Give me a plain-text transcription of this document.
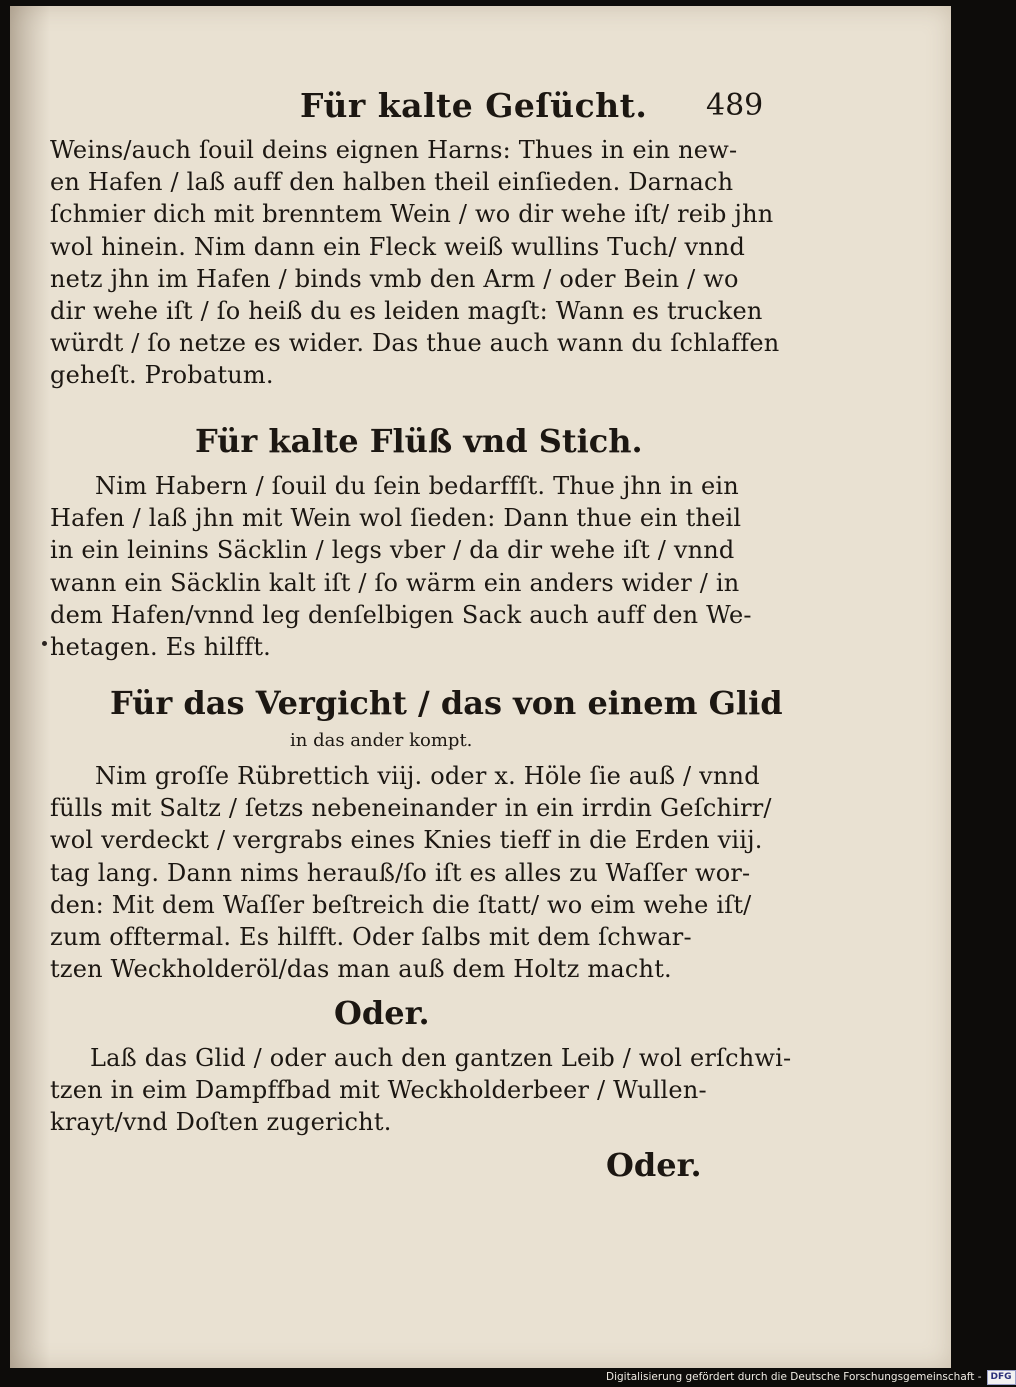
Für kalte Geſücht. 489
Weins/auch ſouil deins eignen Harns: Thues in ein new-
en Hafen / laß auff den halben theil einſieden. Darnach
ſchmier dich mit brenntem Wein / wo dir wehe iſt/ reib jhn
wol hinein. Nim dann ein Fleck weiß wullins Tuch/ vnnd
netz jhn im Hafen / binds vmb den Arm / oder Bein / wo
dir wehe iſt / ſo heiß du es leiden magſt: Wann es trucken
würdt / ſo netze es wider. Das thue auch wann du ſchlaffen
geheſt. Probatum.
Für kalte Flüß vnd Stich.
Nim Habern / ſouil du ſein bedarffſt. Thue jhn in ein
Hafen / laß jhn mit Wein wol ſieden: Dann thue ein theil
in ein leinins Säcklin / legs vber / da dir wehe iſt / vnnd
wann ein Säcklin kalt iſt / ſo wärm ein anders wider / in
dem Hafen/vnnd leg denſelbigen Sack auch auff den We-
hetagen. Es hilfft.
Für das Vergicht / das von einem Glid
in das ander kompt.
Nim groſſe Rübrettich viij. oder x. Höle ſie auß / vnnd
fülls mit Saltz / ſetzs nebeneinander in ein irrdin Geſchirr/
wol verdeckt / vergrabs eines Knies tieff in die Erden viij.
tag lang. Dann nims herauß/ſo iſt es alles zu Waſſer wor-
den: Mit dem Waſſer beſtreich die ſtatt/ wo eim wehe iſt/
zum offtermal. Es hilfft. Oder ſalbs mit dem ſchwar-
tzen Weckholderöl/das man auß dem Holtz macht.
Oder.
Laß das Glid / oder auch den gantzen Leib / wol erſchwi-
tzen in eim Dampffbad mit Weckholderbeer / Wullen-
krayt/vnd Doſten zugericht.
Oder.
Digitalisierung gefördert durch die Deutsche Forschungsgemeinschaft -	DFG
